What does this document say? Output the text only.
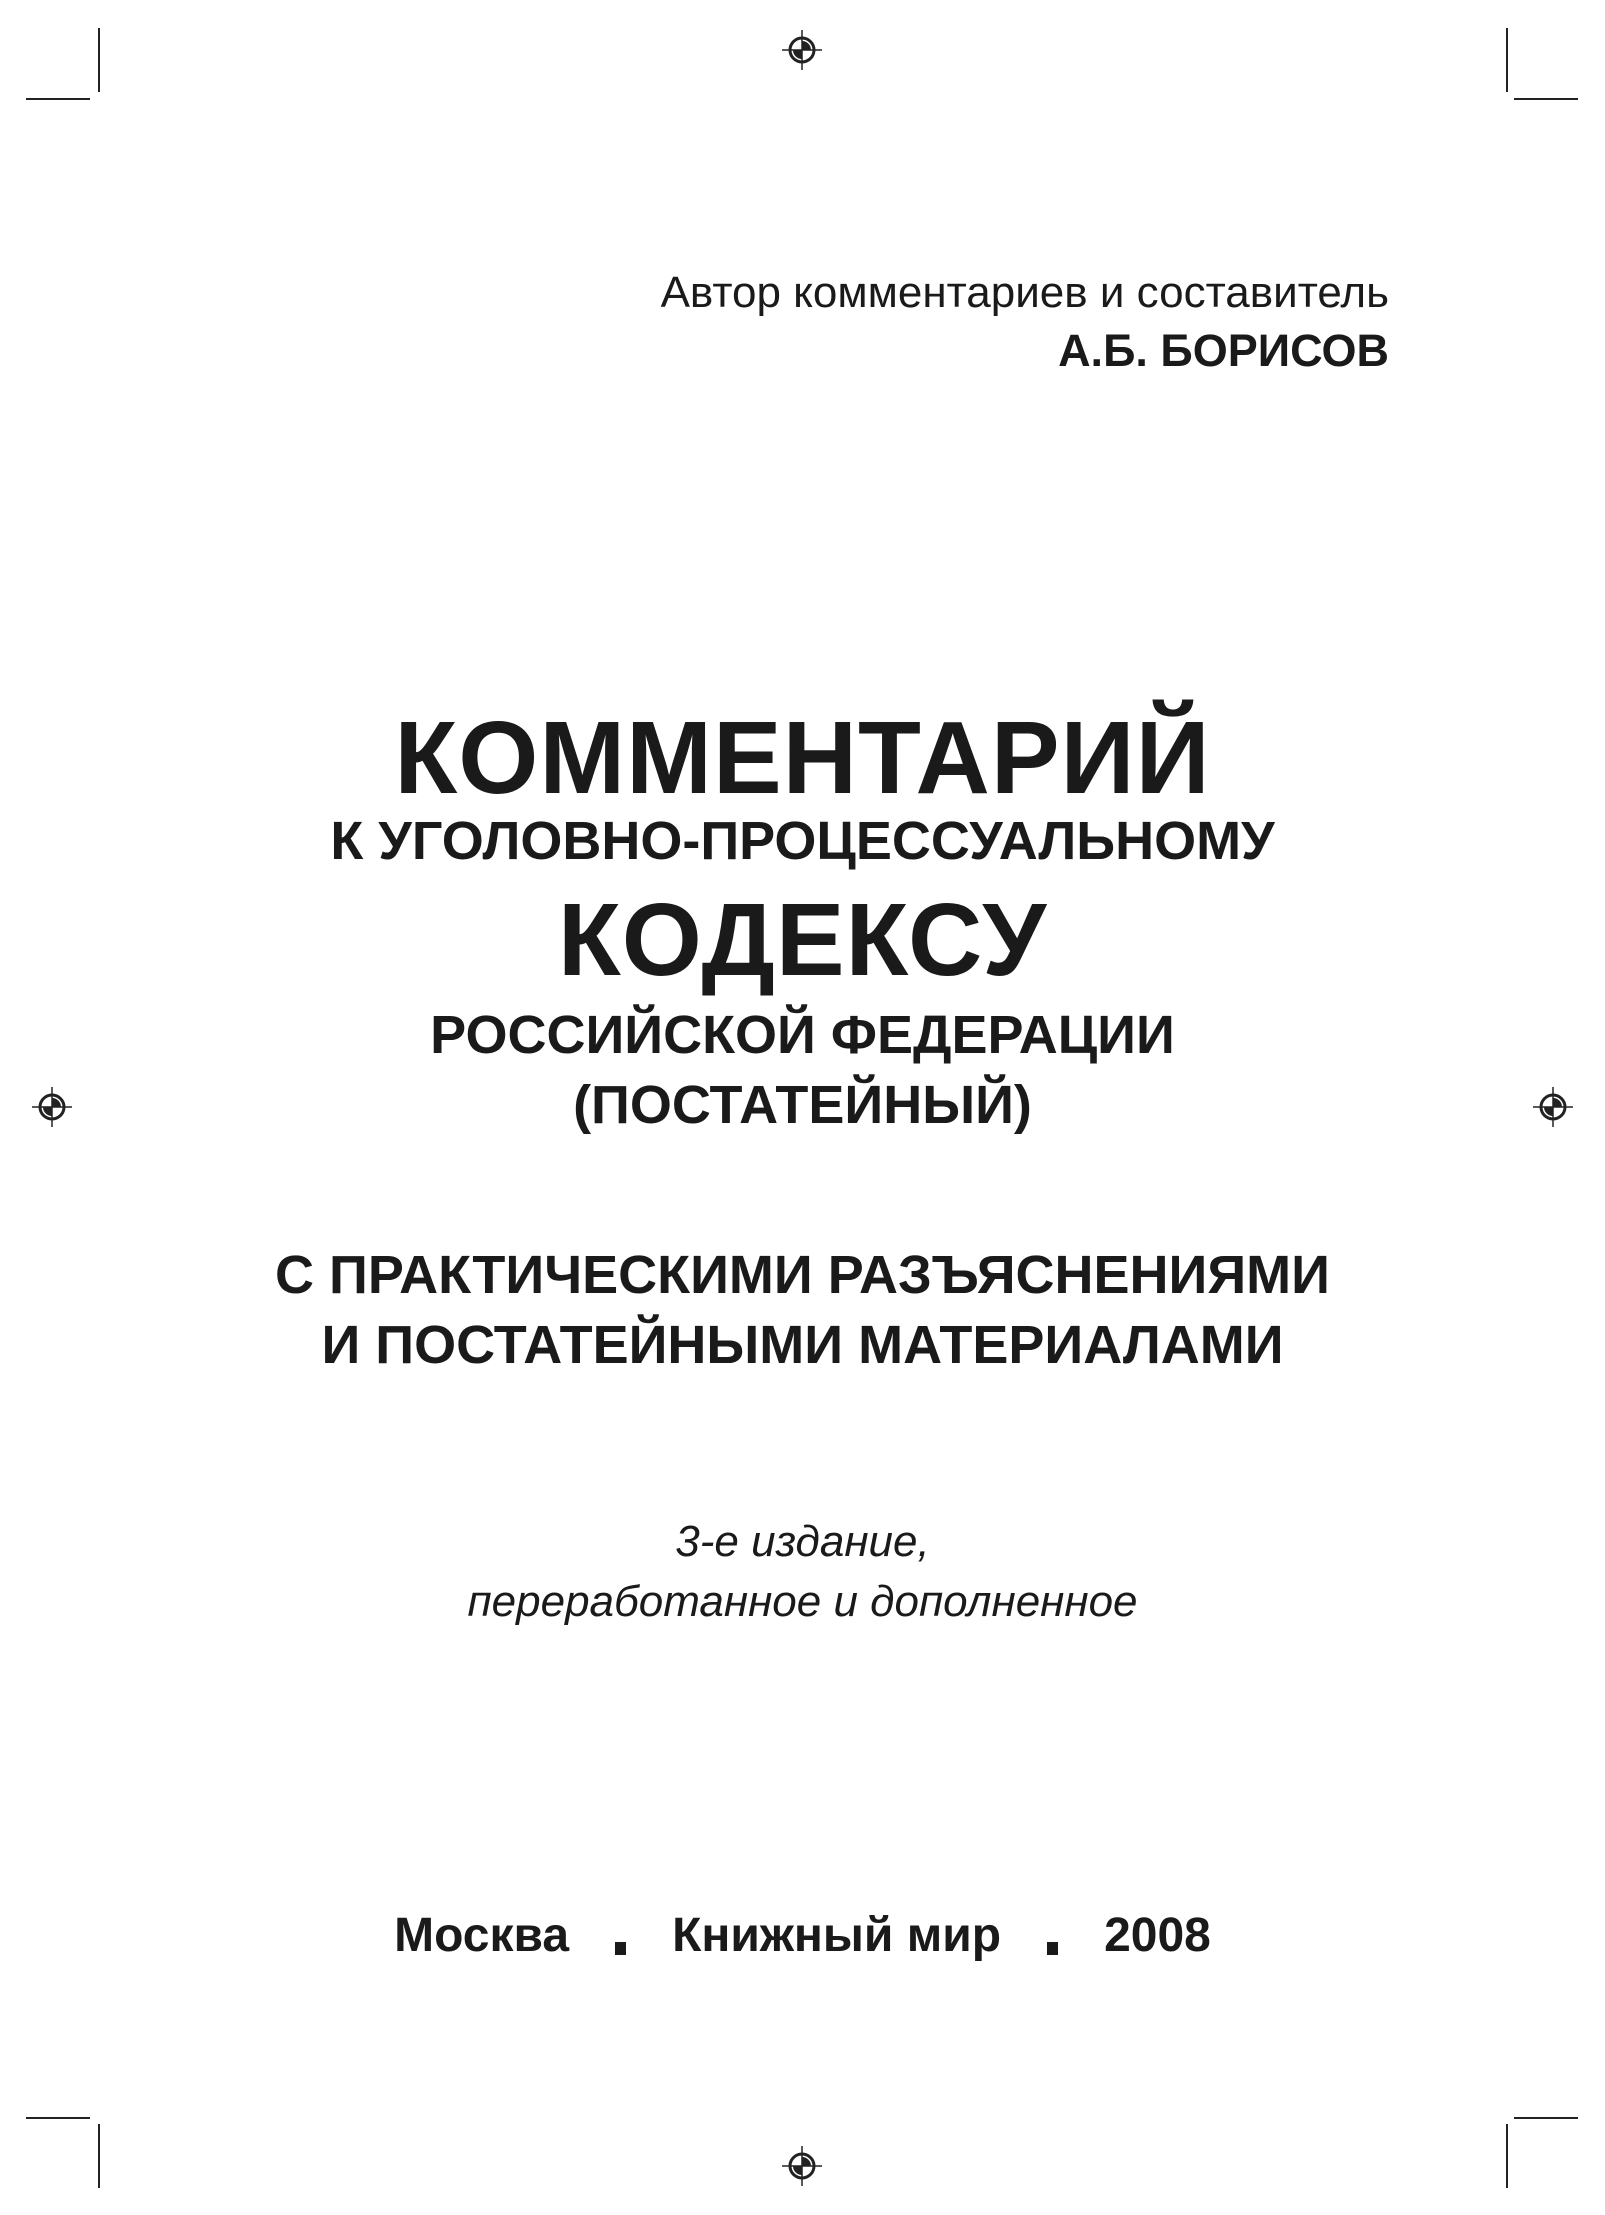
Автор комментариев и составитель
А.Б. БОРИСОВ
КОММЕНТАРИЙ
К УГОЛОВНО-ПРОЦЕССУАЛЬНОМУ
КОДЕКСУ
РОССИЙСКОЙ ФЕДЕРАЦИИ
(ПОСТАТЕЙНЫЙ)
С ПРАКТИЧЕСКИМИ РАЗЪЯСНЕНИЯМИ
И ПОСТАТЕЙНЫМИ МАТЕРИАЛАМИ
3-е издание,
переработанное и дополненное
Москва Книжный мир 2008
